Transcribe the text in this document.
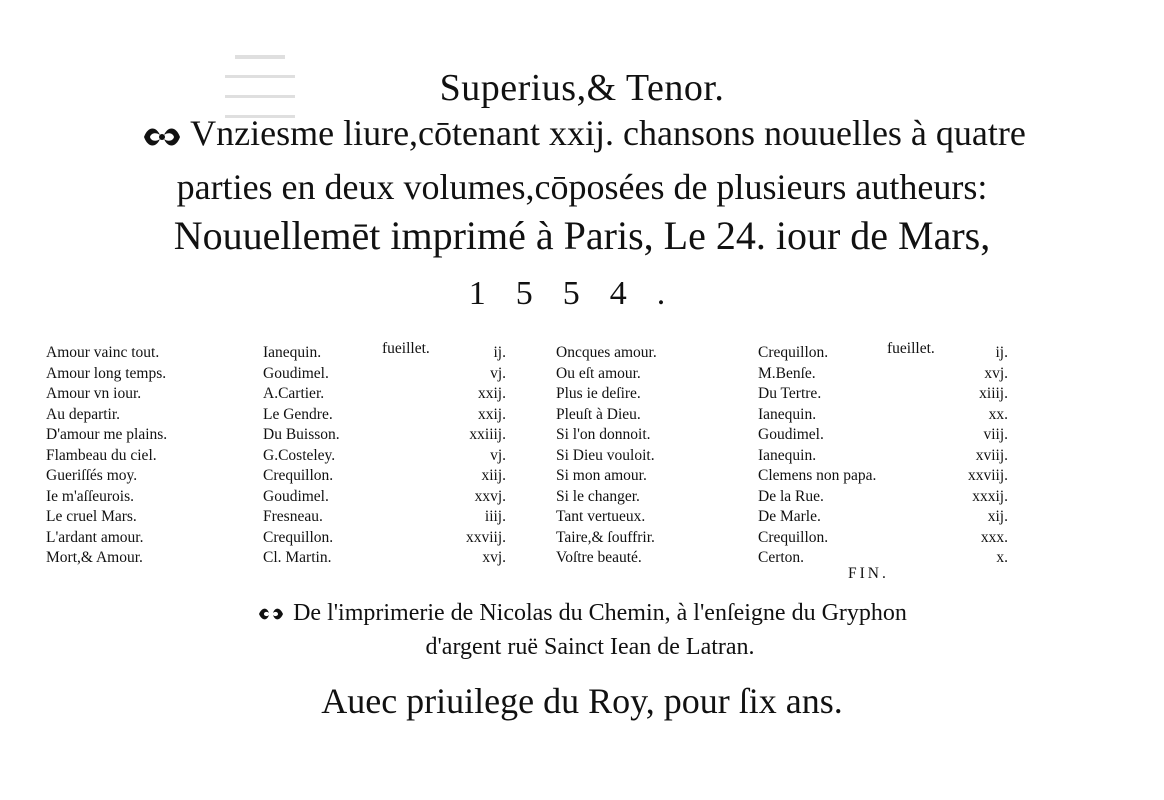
Superius,& Tenor.
Vnziesme liure,cōtenant xxij. chansons nouuelles à quatre
parties en deux volumes,cōposées de plusieurs autheurs:
Nouuellemēt imprimé à Paris, Le 24. iour de Mars,
1554.
fueillet.	fueillet.
Amour vainc tout.	Ianequin.	ij.
Amour long temps.	Goudimel.	vj.
Amour vn iour.	A.Cartier.	xxij.
Au departir.	Le Gendre.	xxij.
D'amour me plains.	Du Buisson.	xxiiij.
Flambeau du ciel.	G.Costeley.	vj.
Gueriſſés moy.	Crequillon.	xiij.
Ie m'aſſeurois.	Goudimel.	xxvj.
Le cruel Mars.	Fresneau.	iiij.
L'ardant amour.	Crequillon.	xxviij.
Mort,& Amour.	Cl. Martin.	xvj.
Oncques amour.	Crequillon.	ij.
Ou eſt amour.	M.Benſe.	xvj.
Plus ie deſire.	Du Tertre.	xiiij.
Pleuſt à Dieu.	Ianequin.	xx.
Si l'on donnoit.	Goudimel.	viij.
Si Dieu vouloit.	Ianequin.	xviij.
Si mon amour.	Clemens non papa.	xxviij.
Si le changer.	De la Rue.	xxxij.
Tant vertueux.	De Marle.	xij.
Taire,& ſouffrir.	Crequillon.	xxx.
Voſtre beauté.	Certon.	x.
FIN.
De l'imprimerie de Nicolas du Chemin, à l'enſeigne du Gryphon
d'argent ruë Sainct Iean de Latran.
Auec priuilege du Roy, pour ſix ans.
